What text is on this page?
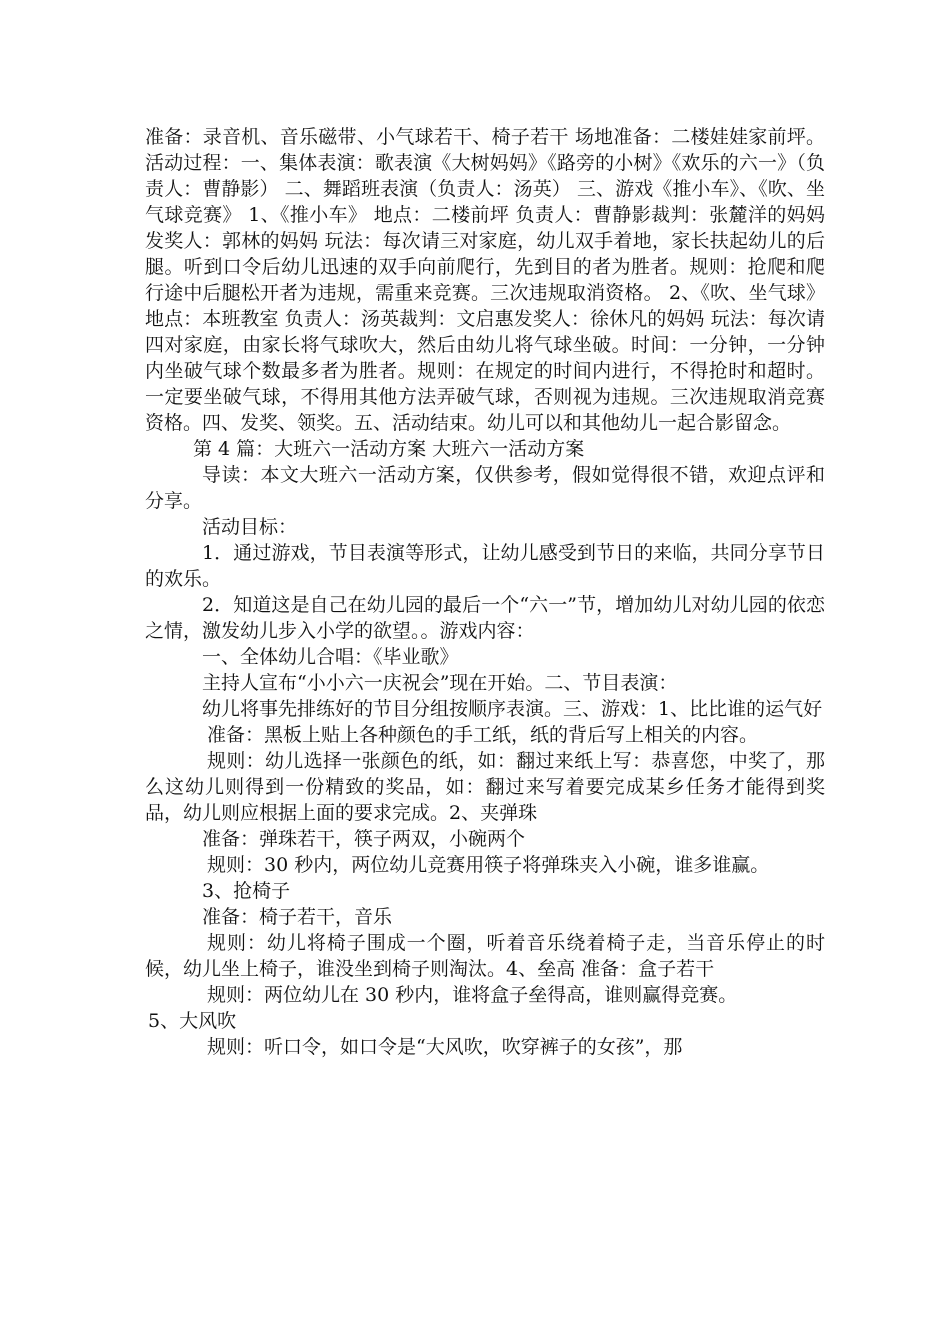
准备：录音机、音乐磁带、小气球若干、椅子若干 场地准备：二楼娃娃家前坪。活动过程：一、集体表演：歌表演《大树妈妈》《路旁的小树》《欢乐的六一》（负责人：曹静影） 二、舞蹈班表演（负责人：汤英） 三、游戏《推小车》、《吹、坐气球竞赛》 1、《推小车》 地点：二楼前坪 负责人：曹静影裁判：张麓洋的妈妈发奖人：郭林的妈妈 玩法：每次请三对家庭，幼儿双手着地，家长扶起幼儿的后腿。听到口令后幼儿迅速的双手向前爬行，先到目的者为胜者。规则：抢爬和爬行途中后腿松开者为违规，需重来竞赛。三次违规取消资格。 2、《吹、坐气球》 地点：本班教室 负责人：汤英裁判：文启惠发奖人：徐休凡的妈妈 玩法：每次请四对家庭，由家长将气球吹大，然后由幼儿将气球坐破。时间：一分钟，一分钟内坐破气球个数最多者为胜者。规则：在规定的时间内进行，不得抢时和超时。一定要坐破气球，不得用其他方法弄破气球，否则视为违规。三次违规取消竞赛资格。四、发奖、领奖。五、活动结束。幼儿可以和其他幼儿一起合影留念。

第 4 篇：大班六一活动方案 大班六一活动方案

导读：本文大班六一活动方案，仅供参考，假如觉得很不错，欢迎点评和分享。

活动目标：

1．通过游戏，节目表演等形式，让幼儿感受到节日的来临，共同分享节日的欢乐。

2．知道这是自己在幼儿园的最后一个“六一”节，增加幼儿对幼儿园的依恋之情，激发幼儿步入小学的欲望。。游戏内容：

一、全体幼儿合唱：《毕业歌》

主持人宣布“小小六一庆祝会”现在开始。二、节目表演：

幼儿将事先排练好的节目分组按顺序表演。三、游戏：1、比比谁的运气好

准备：黑板上贴上各种颜色的手工纸，纸的背后写上相关的内容。

规则：幼儿选择一张颜色的纸，如：翻过来纸上写：恭喜您，中奖了，那么这幼儿则得到一份精致的奖品，如：翻过来写着要完成某乡任务才能得到奖品，幼儿则应根据上面的要求完成。2、夹弹珠

准备：弹珠若干，筷子两双，小碗两个

规则：30 秒内，两位幼儿竞赛用筷子将弹珠夹入小碗，谁多谁赢。

3、抢椅子

准备：椅子若干，音乐

规则：幼儿将椅子围成一个圈，听着音乐绕着椅子走，当音乐停止的时候，幼儿坐上椅子，谁没坐到椅子则淘汰。4、垒高 准备：盒子若干

规则：两位幼儿在 30 秒内，谁将盒子垒得高，谁则赢得竞赛。

5、大风吹

规则：听口令，如口令是“大风吹，吹穿裤子的女孩”，那
